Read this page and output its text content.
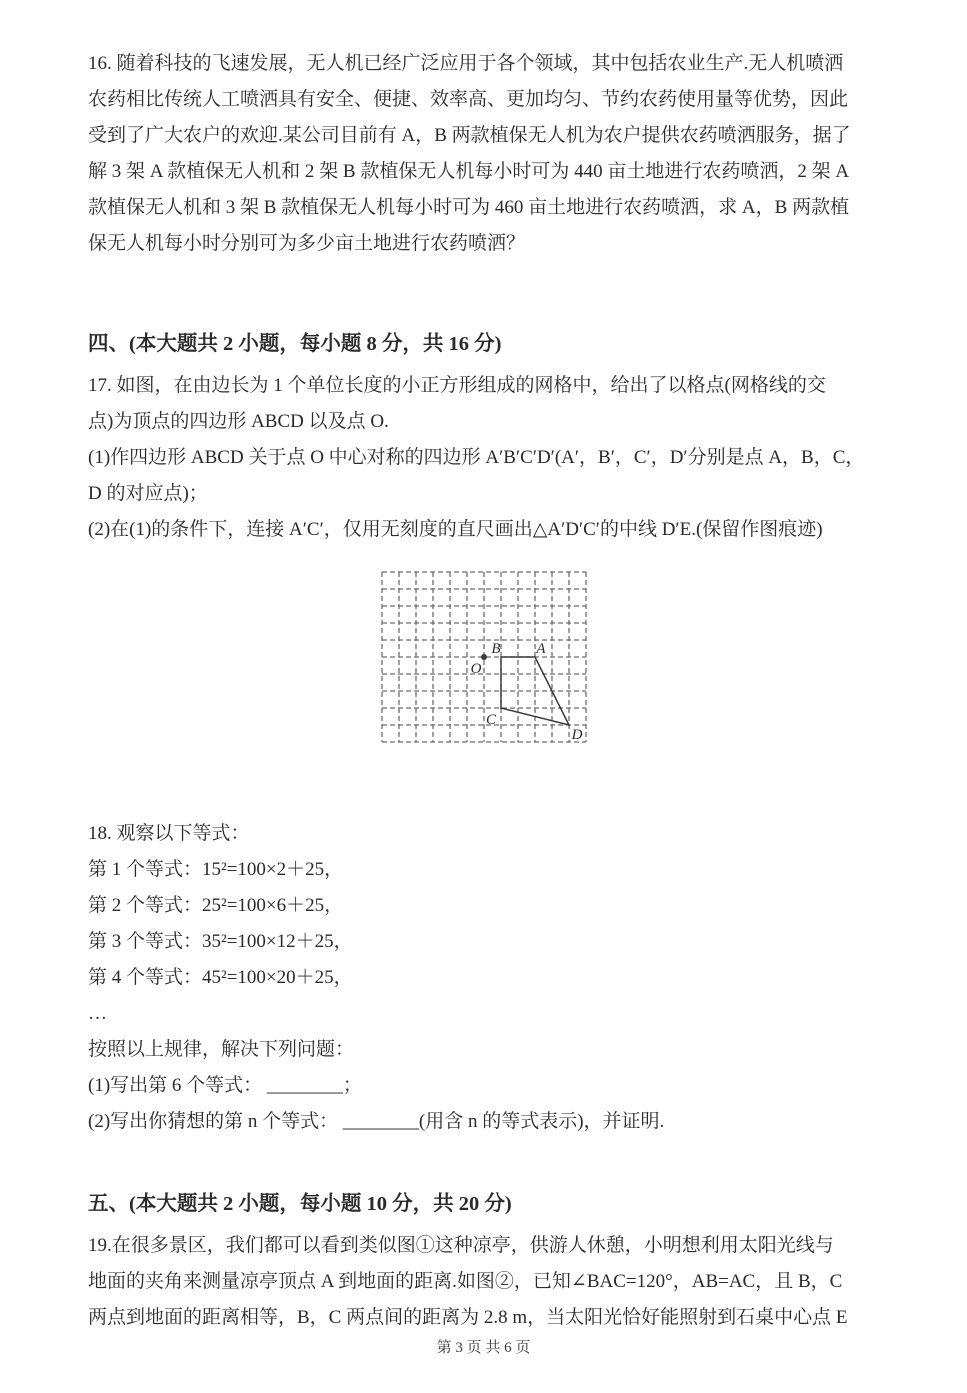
16. 随着科技的飞速发展，无人机已经广泛应用于各个领域，其中包括农业生产.无人机喷洒

农药相比传统人工喷洒具有安全、便捷、效率高、更加均匀、节约农药使用量等优势，因此

受到了广大农户的欢迎.某公司目前有 A，B 两款植保无人机为农户提供农药喷洒服务，据了

解 3 架 A 款植保无人机和 2 架 B 款植保无人机每小时可为 440 亩土地进行农药喷洒，2 架 A

款植保无人机和 3 架 B 款植保无人机每小时可为 460 亩土地进行农药喷洒，求 A，B 两款植

保无人机每小时分别可为多少亩土地进行农药喷洒？

四、(本大题共 2 小题，每小题 8 分，共 16 分)

17. 如图，在由边长为 1 个单位长度的小正方形组成的网格中，给出了以格点(网格线的交

点)为顶点的四边形 ABCD 以及点 O.

(1)作四边形 ABCD 关于点 O 中心对称的四边形 A′B′C′D′(A′，B′，C′，D′分别是点 A，B，C，

D 的对应点)；

(2)在(1)的条件下，连接 A′C′，仅用无刻度的直尺画出△A′D′C′的中线 D′E.(保留作图痕迹)

O
B A
C
D

18. 观察以下等式：

第 1 个等式：15²=100×2＋25，

第 2 个等式：25²=100×6＋25，

第 3 个等式：35²=100×12＋25，

第 4 个等式：45²=100×20＋25，

…

按照以上规律，解决下列问题：

(1)写出第 6 个等式： ________；

(2)写出你猜想的第 n 个等式： ________(用含 n 的等式表示)，并证明.

五、(本大题共 2 小题，每小题 10 分，共 20 分)

19.在很多景区，我们都可以看到类似图①这种凉亭，供游人休憩，小明想利用太阳光线与

地面的夹角来测量凉亭顶点 A 到地面的距离.如图②，已知∠BAC=120°，AB=AC，且 B，C

两点到地面的距离相等，B，C 两点间的距离为 2.8 m，当太阳光恰好能照射到石桌中心点 E

第 3 页 共 6 页
